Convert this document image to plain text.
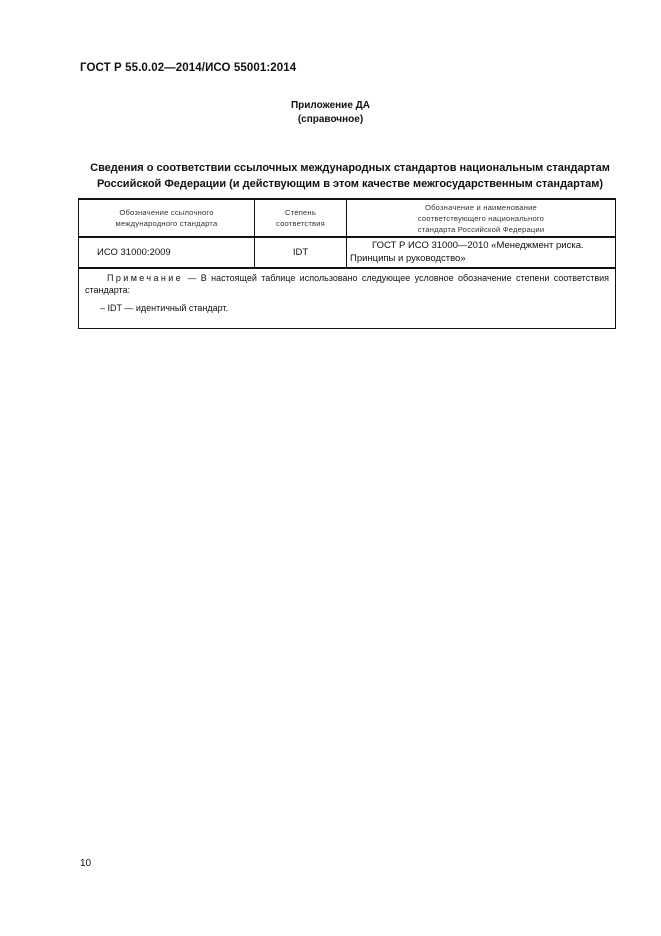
ГОСТ Р 55.0.02—2014/ИСО 55001:2014
Приложение ДА
(справочное)
Сведения о соответствии ссылочных международных стандартов национальным стандартам
Российской Федерации (и действующим в этом качестве межгосударственным стандартам)
Обозначение ссылочного международного стандарта	Степень соответствия	Обозначение и наименование соответствующего национального стандарта Российской Федерации

ИСО 31000:2009	IDT	ГОСТ Р ИСО 31000—2010 «Менеджмент риска. Принципы и руководство»

Примечание — В настоящей таблице использовано следующее условное обозначение степени соответствия стандарта:

– IDT — идентичный стандарт.		
10
